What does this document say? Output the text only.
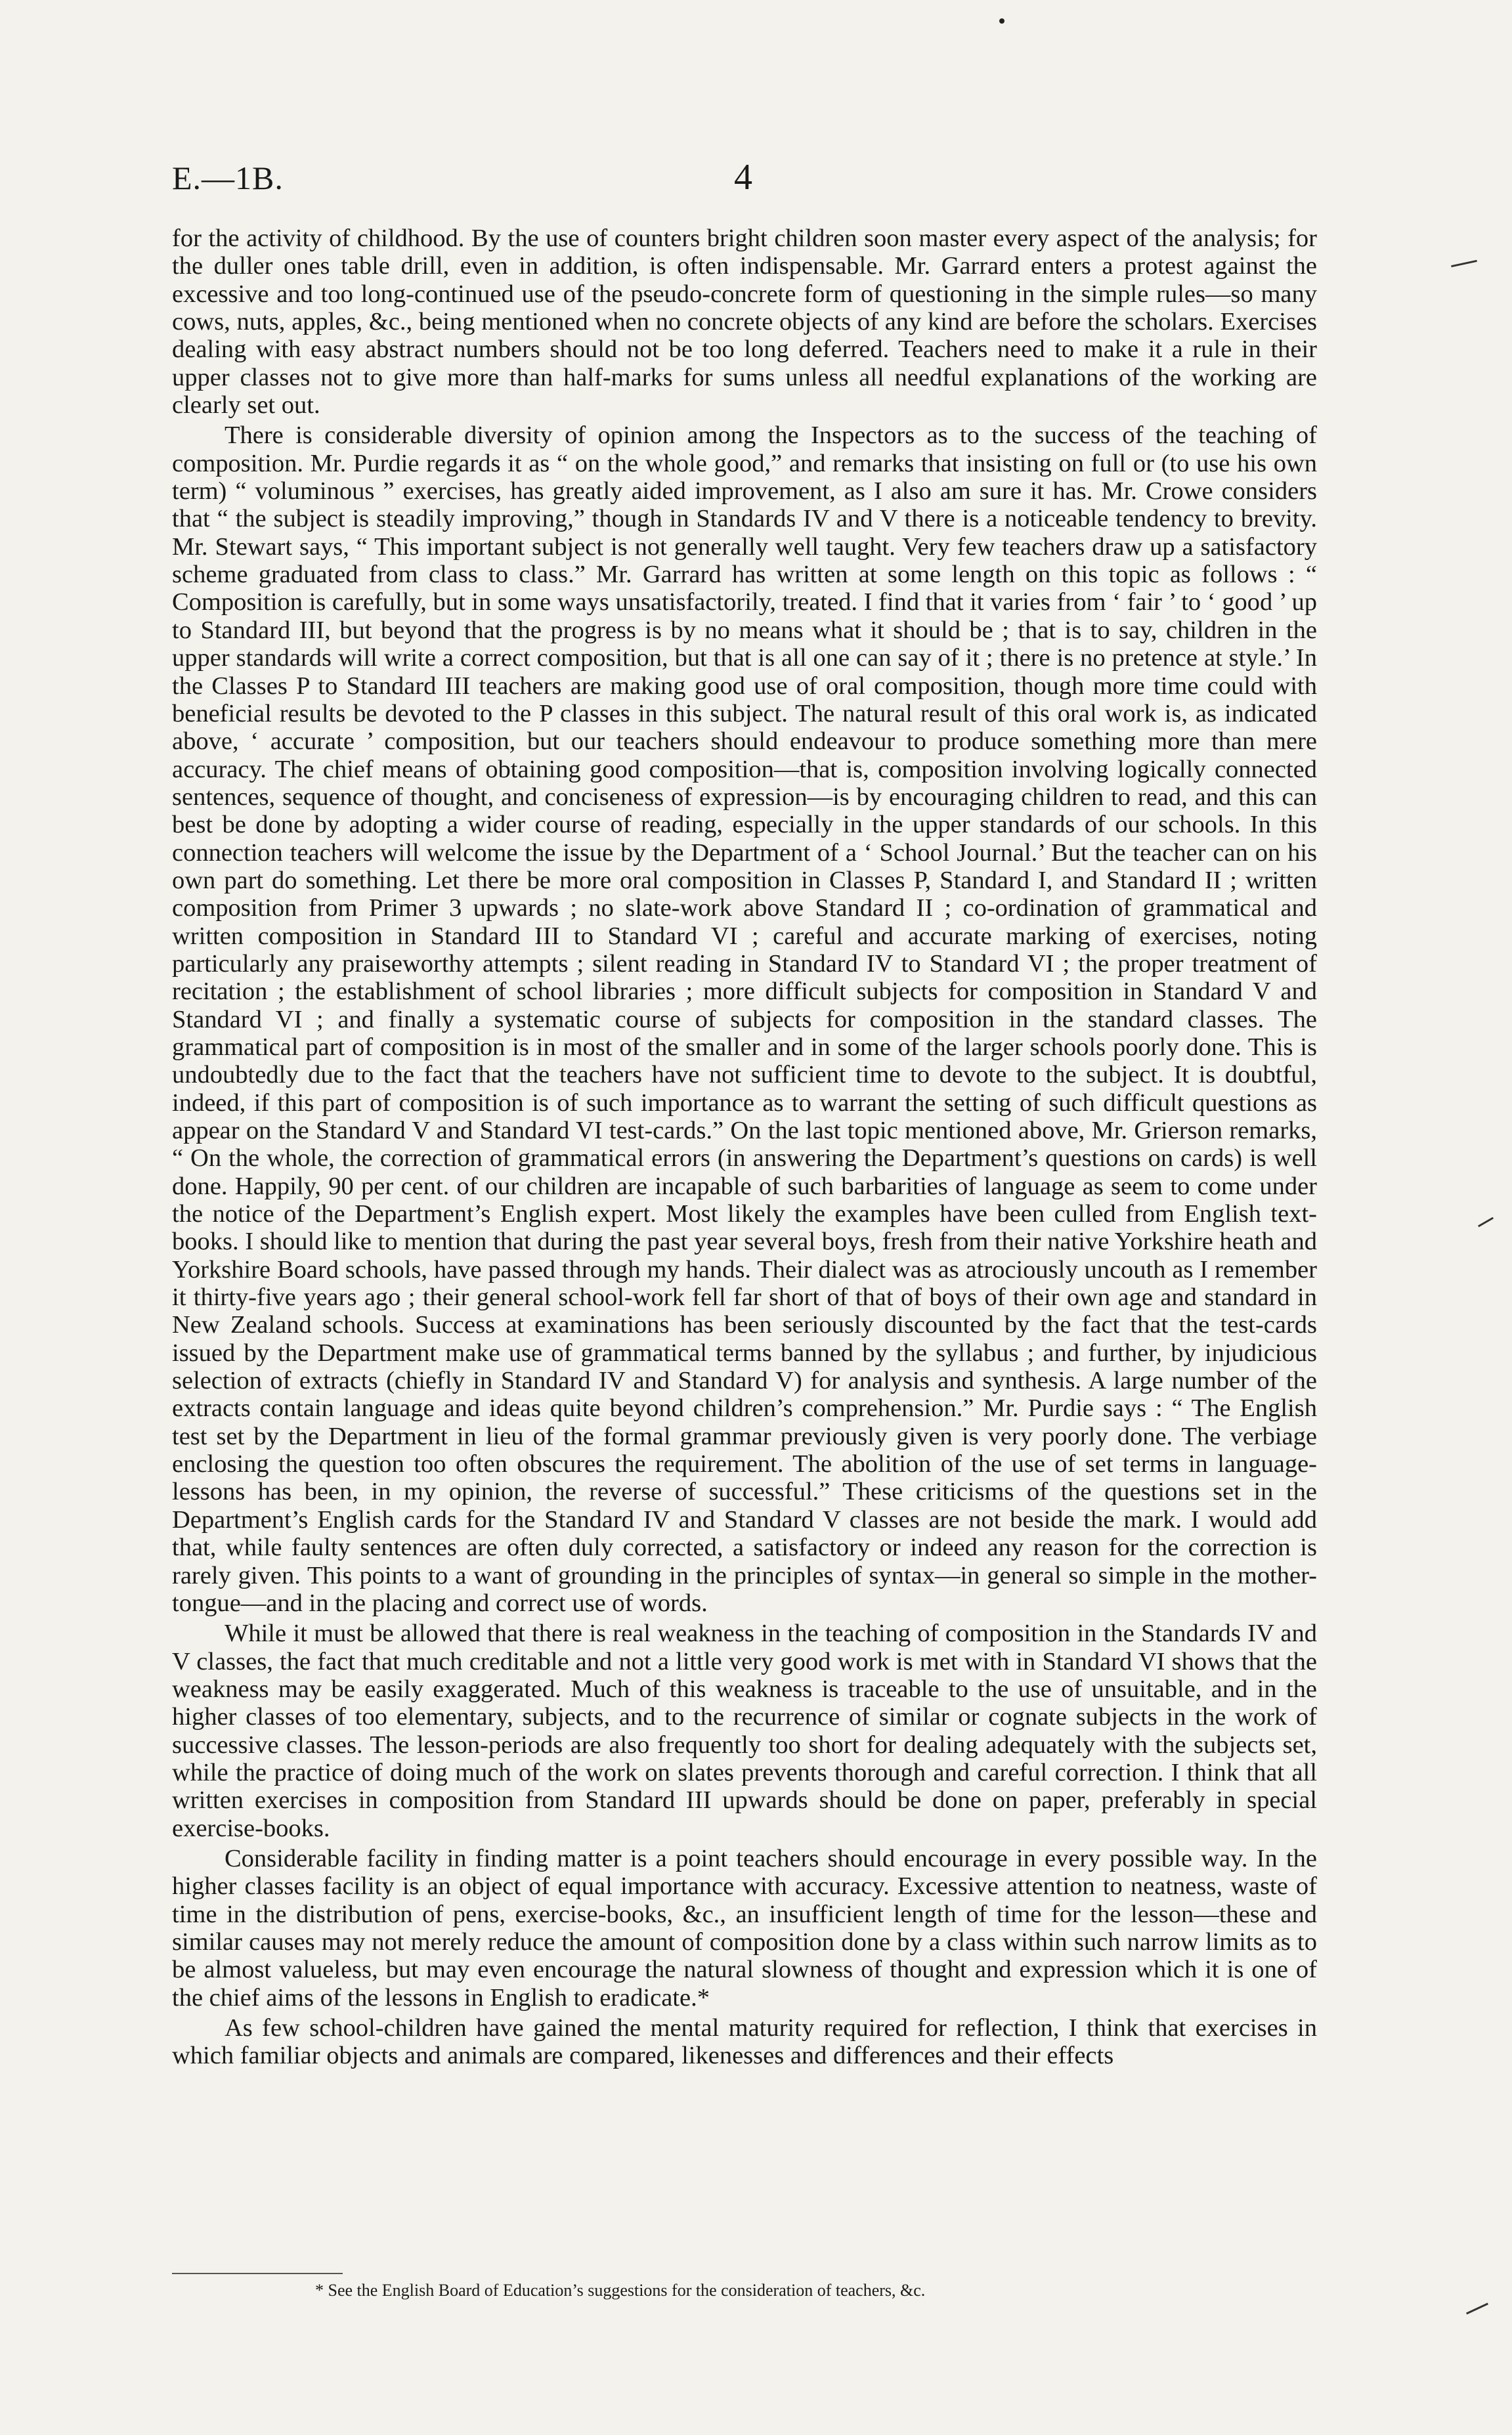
E.—1B.	4

for the activity of childhood. By the use of counters bright children soon master every aspect of the analysis; for the duller ones table drill, even in addition, is often indispensable. Mr. Garrard enters a protest against the excessive and too long-continued use of the pseudo-concrete form of questioning in the simple rules—so many cows, nuts, apples, &c., being mentioned when no concrete objects of any kind are before the scholars. Exercises dealing with easy abstract numbers should not be too long deferred. Teachers need to make it a rule in their upper classes not to give more than half-marks for sums unless all needful explanations of the working are clearly set out.

There is considerable diversity of opinion among the Inspectors as to the success of the teaching of composition. Mr. Purdie regards it as “ on the whole good,” and remarks that insisting on full or (to use his own term) “ voluminous ” exercises, has greatly aided improvement, as I also am sure it has. Mr. Crowe considers that “ the subject is steadily improving,” though in Standards IV and V there is a noticeable tendency to brevity. Mr. Stewart says, “ This important subject is not generally well taught. Very few teachers draw up a satisfactory scheme graduated from class to class.” Mr. Garrard has written at some length on this topic as follows : “ Composition is carefully, but in some ways unsatisfactorily, treated. I find that it varies from ‘ fair ’ to ‘ good ’ up to Standard III, but beyond that the progress is by no means what it should be ; that is to say, children in the upper standards will write a correct composition, but that is all one can say of it ; there is no pretence at style.’ In the Classes P to Standard III teachers are making good use of oral composition, though more time could with beneficial results be devoted to the P classes in this subject. The natural result of this oral work is, as indicated above, ‘ accurate ’ composition, but our teachers should endeavour to produce something more than mere accuracy. The chief means of obtaining good composition—that is, composition involving logically connected sentences, sequence of thought, and conciseness of expression—is by encouraging children to read, and this can best be done by adopting a wider course of reading, especially in the upper standards of our schools. In this connection teachers will welcome the issue by the Department of a ‘ School Journal.’ But the teacher can on his own part do something. Let there be more oral composition in Classes P, Standard I, and Standard II ; written composition from Primer 3 upwards ; no slate-work above Standard II ; co-ordination of grammatical and written composition in Standard III to Standard VI ; careful and accurate marking of exercises, noting particularly any praiseworthy attempts ; silent reading in Standard IV to Standard VI ; the proper treatment of recitation ; the establishment of school libraries ; more difficult subjects for composition in Standard V and Standard VI ; and finally a systematic course of subjects for composition in the standard classes. The grammatical part of composition is in most of the smaller and in some of the larger schools poorly done. This is undoubtedly due to the fact that the teachers have not sufficient time to devote to the subject. It is doubtful, indeed, if this part of composition is of such importance as to warrant the setting of such difficult questions as appear on the Standard V and Standard VI test-cards.” On the last topic mentioned above, Mr. Grierson remarks, “ On the whole, the correction of grammatical errors (in answering the Department’s questions on cards) is well done. Happily, 90 per cent. of our children are incapable of such barbarities of language as seem to come under the notice of the Department’s English expert. Most likely the examples have been culled from English text-books. I should like to mention that during the past year several boys, fresh from their native Yorkshire heath and Yorkshire Board schools, have passed through my hands. Their dialect was as atrociously uncouth as I remember it thirty-five years ago ; their general school-work fell far short of that of boys of their own age and standard in New Zealand schools. Success at examinations has been seriously discounted by the fact that the test-cards issued by the Department make use of grammatical terms banned by the syllabus ; and further, by injudicious selection of extracts (chiefly in Standard IV and Standard V) for analysis and synthesis. A large number of the extracts contain language and ideas quite beyond children’s comprehension.” Mr. Purdie says : “ The English test set by the Department in lieu of the formal grammar previously given is very poorly done. The verbiage enclosing the question too often obscures the requirement. The abolition of the use of set terms in language-lessons has been, in my opinion, the reverse of successful.” These criticisms of the questions set in the Department’s English cards for the Standard IV and Standard V classes are not beside the mark. I would add that, while faulty sentences are often duly corrected, a satisfactory or indeed any reason for the correction is rarely given. This points to a want of grounding in the principles of syntax—in general so simple in the mother-tongue—and in the placing and correct use of words.

While it must be allowed that there is real weakness in the teaching of composition in the Standards IV and V classes, the fact that much creditable and not a little very good work is met with in Standard VI shows that the weakness may be easily exaggerated. Much of this weakness is traceable to the use of unsuitable, and in the higher classes of too elementary, subjects, and to the recurrence of similar or cognate subjects in the work of successive classes. The lesson-periods are also frequently too short for dealing adequately with the subjects set, while the practice of doing much of the work on slates prevents thorough and careful correction. I think that all written exercises in composition from Standard III upwards should be done on paper, preferably in special exercise-books.

Considerable facility in finding matter is a point teachers should encourage in every possible way. In the higher classes facility is an object of equal importance with accuracy. Excessive attention to neatness, waste of time in the distribution of pens, exercise-books, &c., an insufficient length of time for the lesson—these and similar causes may not merely reduce the amount of composition done by a class within such narrow limits as to be almost valueless, but may even encourage the natural slowness of thought and expression which it is one of the chief aims of the lessons in English to eradicate.*

As few school-children have gained the mental maturity required for reflection, I think that exercises in which familiar objects and animals are compared, likenesses and differences and their effects

* See the English Board of Education’s suggestions for the consideration of teachers, &c.
